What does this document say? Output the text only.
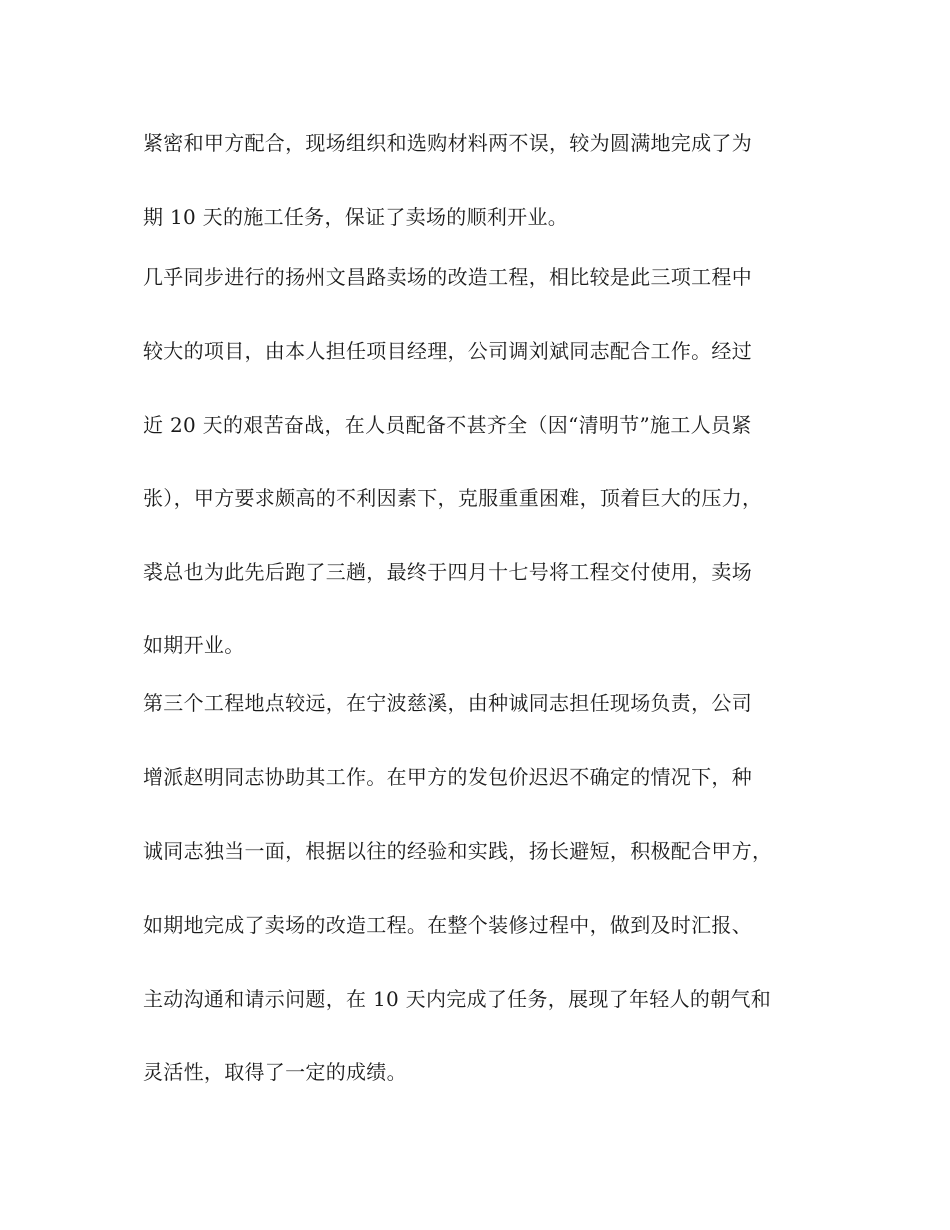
紧密和甲方配合，现场组织和选购材料两不误，较为圆满地完成了为
期 10 天的施工任务，保证了卖场的顺利开业。
几乎同步进行的扬州文昌路卖场的改造工程，相比较是此三项工程中
较大的项目，由本人担任项目经理，公司调刘斌同志配合工作。经过
近 20 天的艰苦奋战，在人员配备不甚齐全（因“清明节”施工人员紧
张），甲方要求颇高的不利因素下，克服重重困难，顶着巨大的压力，
裘总也为此先后跑了三趟，最终于四月十七号将工程交付使用，卖场
如期开业。
第三个工程地点较远，在宁波慈溪，由种诚同志担任现场负责，公司
增派赵明同志协助其工作。在甲方的发包价迟迟不确定的情况下，种
诚同志独当一面，根据以往的经验和实践，扬长避短，积极配合甲方，
如期地完成了卖场的改造工程。在整个装修过程中，做到及时汇报、
主动沟通和请示问题，在 10 天内完成了任务，展现了年轻人的朝气和
灵活性，取得了一定的成绩。
